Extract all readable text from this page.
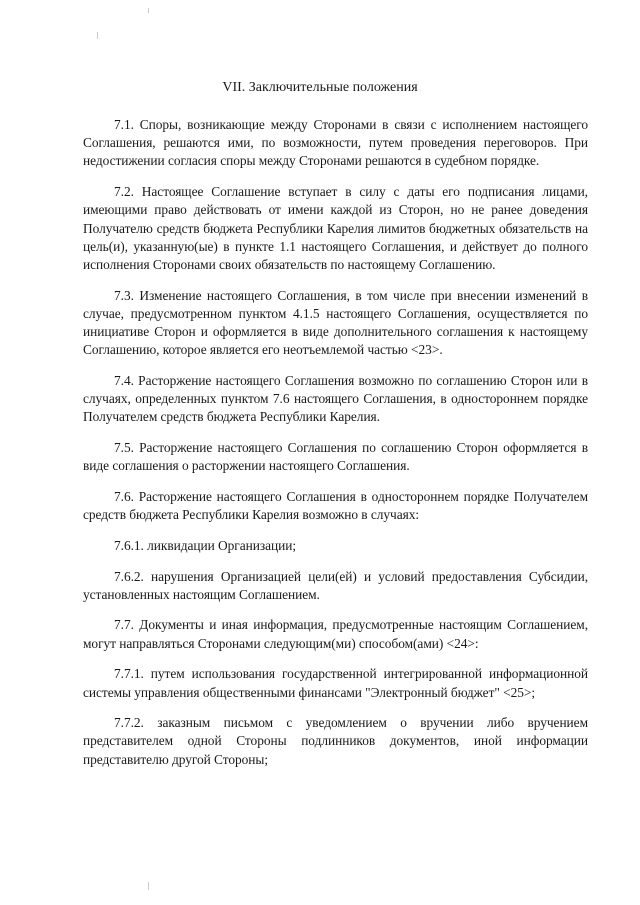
VII. Заключительные положения

7.1. Споры, возникающие между Сторонами в связи с исполнением настоящего Соглашения, решаются ими, по возможности, путем проведения переговоров. При недостижении согласия споры между Сторонами решаются в судебном порядке.

7.2. Настоящее Соглашение вступает в силу с даты его подписания лицами, имеющими право действовать от имени каждой из Сторон, но не ранее доведения Получателю средств бюджета Республики Карелия лимитов бюджетных обязательств на цель(и), указанную(ые) в пункте 1.1 настоящего Соглашения, и действует до полного исполнения Сторонами своих обязательств по настоящему Соглашению.

7.3. Изменение настоящего Соглашения, в том числе при внесении изменений в случае, предусмотренном пунктом 4.1.5 настоящего Соглашения, осуществляется по инициативе Сторон и оформляется в виде дополнительного соглашения к настоящему Соглашению, которое является его неотъемлемой частью <23>.

7.4. Расторжение настоящего Соглашения возможно по соглашению Сторон или в случаях, определенных пунктом 7.6 настоящего Соглашения, в одностороннем порядке Получателем средств бюджета Республики Карелия.

7.5. Расторжение настоящего Соглашения по соглашению Сторон оформляется в виде соглашения о расторжении настоящего Соглашения.

7.6. Расторжение настоящего Соглашения в одностороннем порядке Получателем средств бюджета Республики Карелия возможно в случаях:

7.6.1. ликвидации Организации;

7.6.2. нарушения Организацией цели(ей) и условий предоставления Субсидии, установленных настоящим Соглашением.

7.7. Документы и иная информация, предусмотренные настоящим Соглашением, могут направляться Сторонами следующим(ми) способом(ами) <24>:

7.7.1. путем использования государственной интегрированной информационной системы управления общественными финансами "Электронный бюджет" <25>;

7.7.2. заказным письмом с уведомлением о вручении либо вручением представителем одной Стороны подлинников документов, иной информации представителю другой Стороны;
